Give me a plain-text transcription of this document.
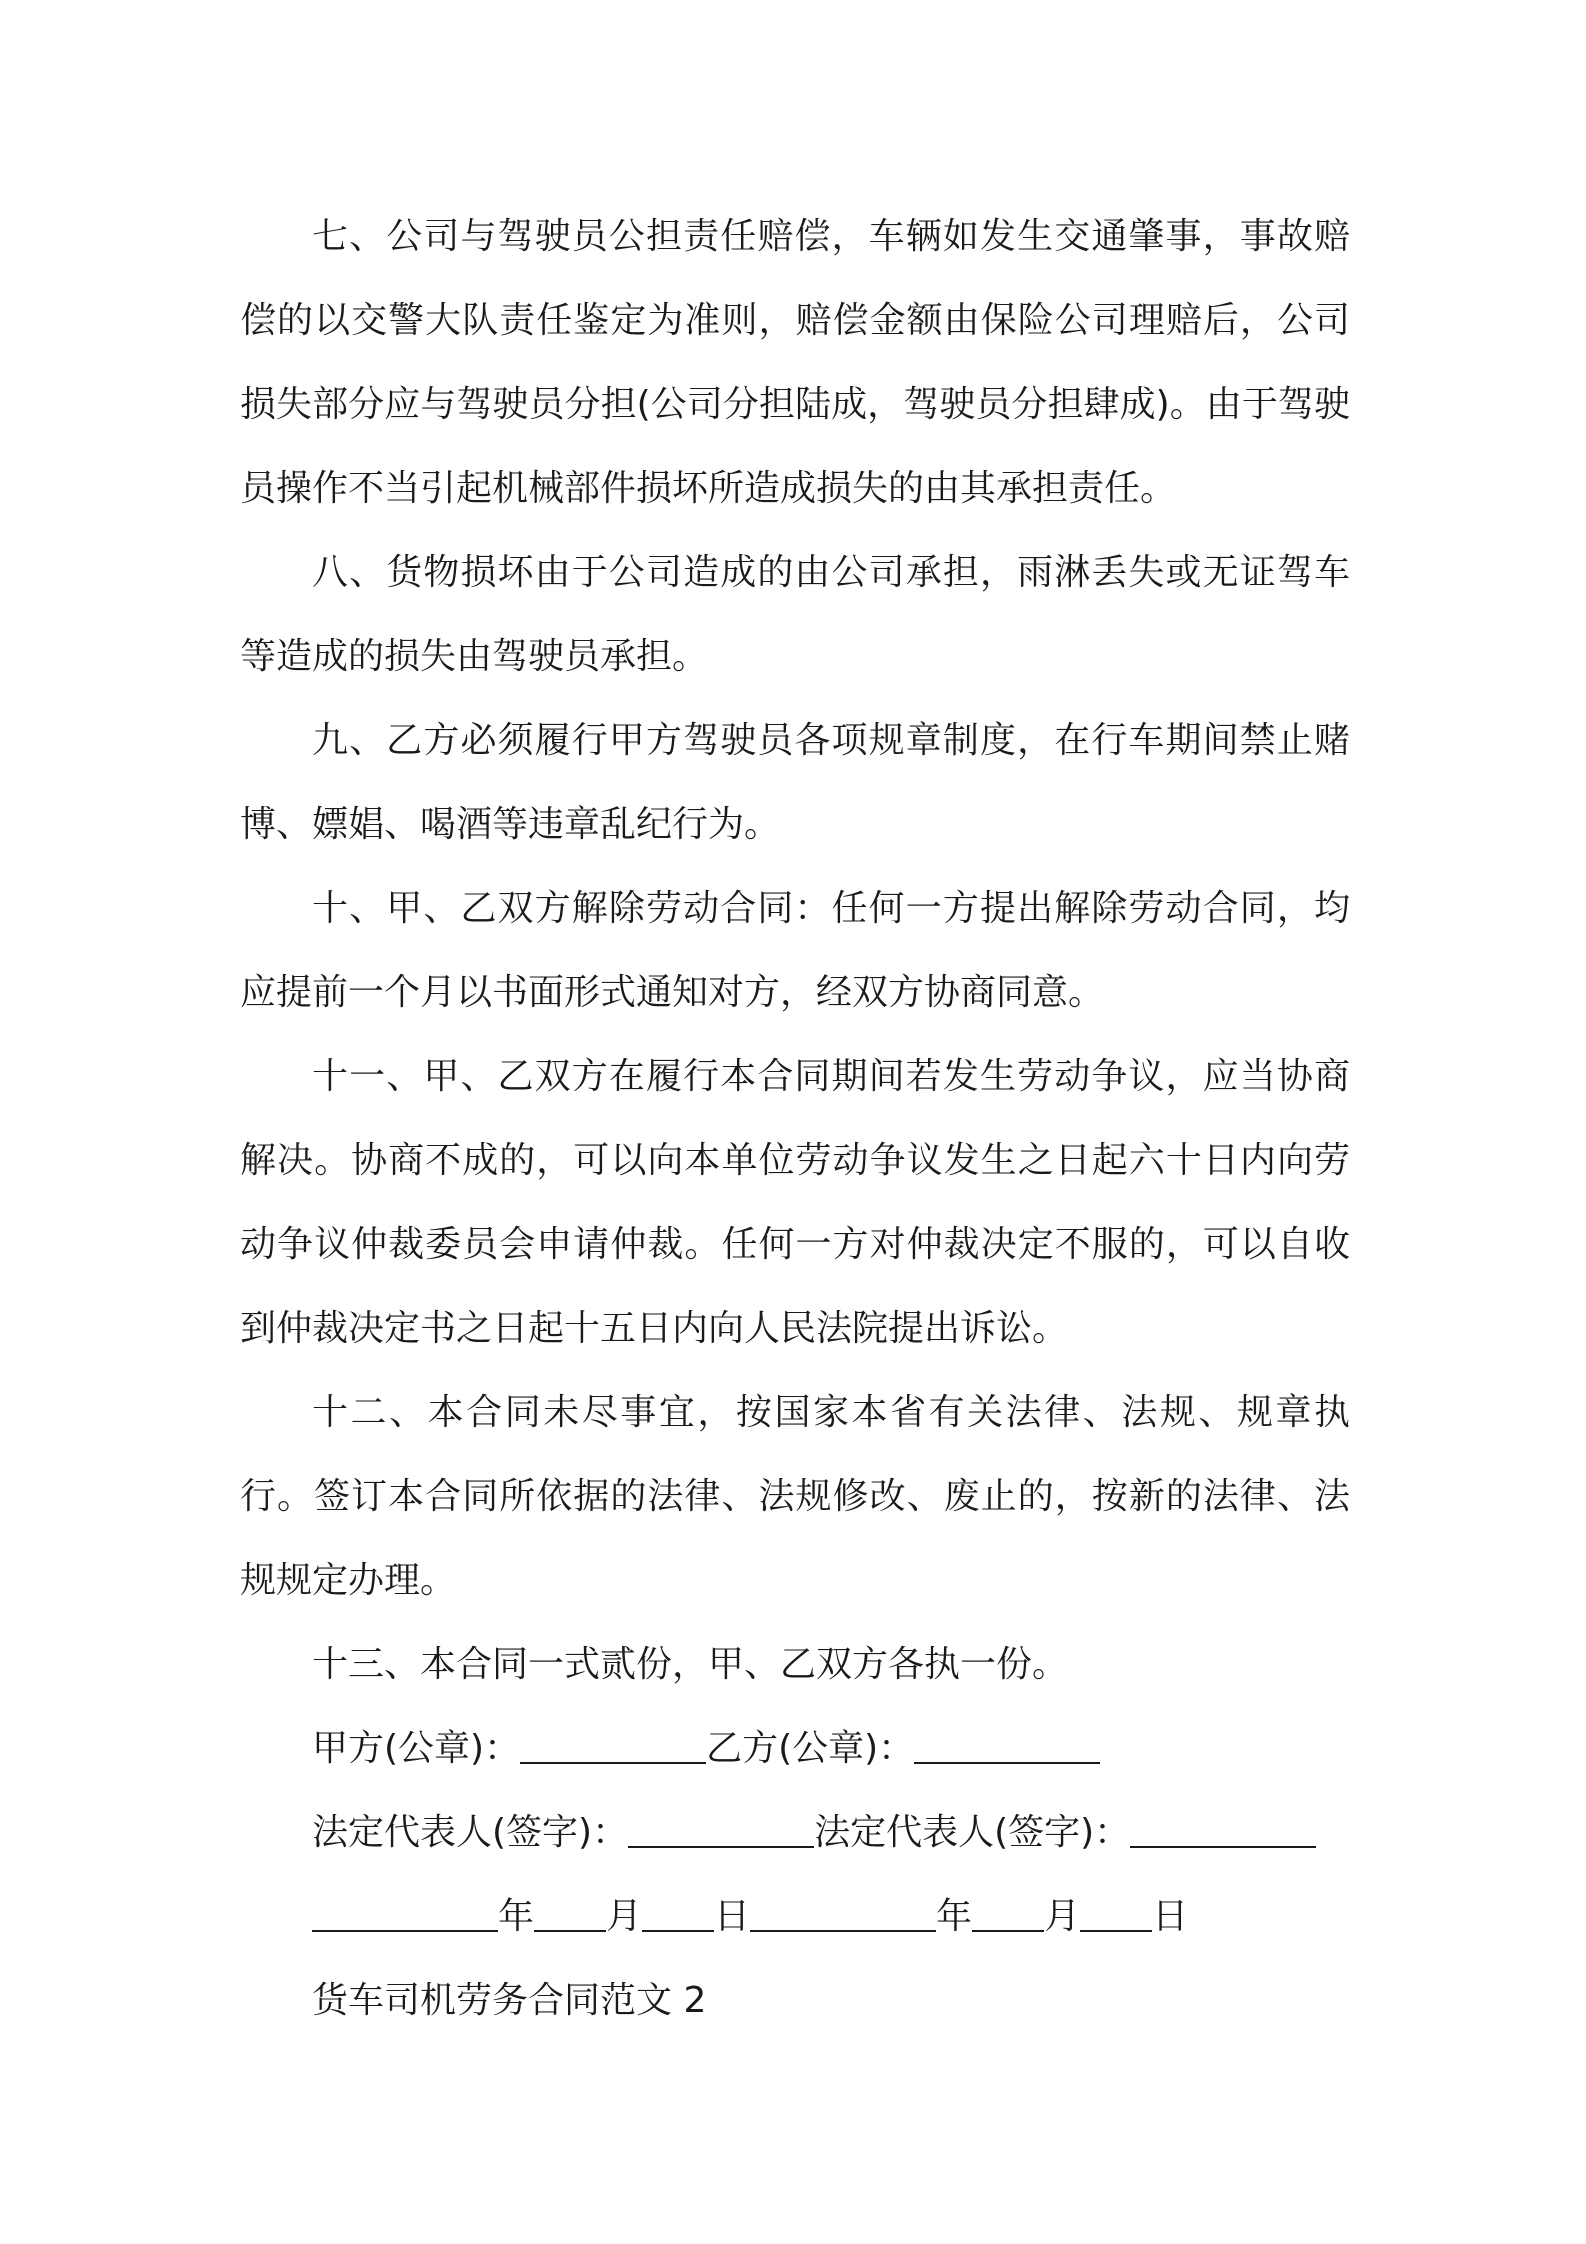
七、公司与驾驶员公担责任赔偿，车辆如发生交通肇事，事故赔偿的以交警大队责任鉴定为准则，赔偿金额由保险公司理赔后，公司损失部分应与驾驶员分担(公司分担陆成，驾驶员分担肆成)。由于驾驶员操作不当引起机械部件损坏所造成损失的由其承担责任。

八、货物损坏由于公司造成的由公司承担，雨淋丢失或无证驾车等造成的损失由驾驶员承担。

九、乙方必须履行甲方驾驶员各项规章制度，在行车期间禁止赌博、嫖娼、喝酒等违章乱纪行为。

十、甲、乙双方解除劳动合同：任何一方提出解除劳动合同，均应提前一个月以书面形式通知对方，经双方协商同意。

十一、甲、乙双方在履行本合同期间若发生劳动争议，应当协商解决。协商不成的，可以向本单位劳动争议发生之日起六十日内向劳动争议仲裁委员会申请仲裁。任何一方对仲裁决定不服的，可以自收到仲裁决定书之日起十五日内向人民法院提出诉讼。

十二、本合同未尽事宜，按国家本省有关法律、法规、规章执行。签订本合同所依据的法律、法规修改、废止的，按新的法律、法规规定办理。

十三、本合同一式贰份，甲、乙双方各执一份。

甲方(公章)：	乙方(公章)：

法定代表人(签字)：	法定代表人(签字)：

年 月 日	年 月 日

货车司机劳务合同范文 2
